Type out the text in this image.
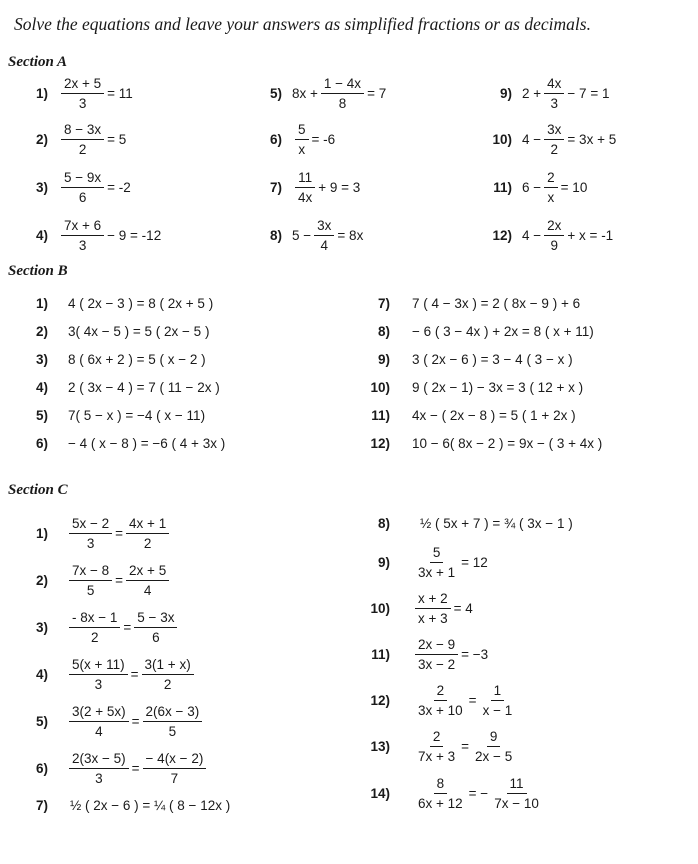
Solve the equations and leave your answers as simplified fractions or as decimals.
Section A
$1) \frac{2x + 5}{3} = 11$
$2) \frac{8 - 3x}{2} = 5$
$3) \frac{5 - 9x}{6} = -2$
$4) \frac{7x + 6}{3} - 9 = -12$
5) $8x + \frac{1 - 4x}{8} = 7$
$6) \frac{5}{x} = -6$
$7) \frac{11}{4x} + 9 = 3$
8) $5 - \frac{3x}{4} = 8x$
9) $2 + \frac{4x}{3} - 7 = 1$
10) $4 - \frac{3x}{2} = 3x + 5$
11) $6 - \frac{2}{x} = 10$
12) $4 - \frac{2x}{9} + x = -1$
Section B
1) 4 ( 2x − 3 ) = 8 ( 2x + 5 )
2) 3( 4x − 5 ) = 5 ( 2x − 5 )
3) 8 ( 6x + 2 ) = 5 ( x − 2 )
4) 2 ( 3x − 4 ) = 7 ( 11 − 2x )
5) 7( 5 − x ) = −4 ( x − 11)
6) − 4 ( x − 8 ) = −6 ( 4 + 3x )
7) 7 ( 4 − 3x ) = 2 ( 8x − 9 ) + 6
8) − 6 ( 3 − 4x ) + 2x = 8 ( x + 11)
9) 3 ( 2x − 6 ) = 3 − 4 ( 3 − x )
10) 9 ( 2x − 1) − 3x = 3 ( 12 + x )
11) 4x − ( 2x − 8 ) = 5 ( 1 + 2x )
12) 10 − 6( 8x − 2 ) = 9x − ( 3 + 4x )
Section C
$1) \frac{5x - 2}{3} = \frac{4x + 1}{2}$
$2) \frac{7x - 8}{5} = \frac{2x + 5}{4}$
$3) \frac{- 8x - 1}{2} = \frac{5 - 3x}{6}$
$4) \frac{5(x + 11)}{3} = \frac{3(1 + x)}{2}$
$5) \frac{3(2 + 5x)}{4} = \frac{2(6x - 3)}{5}$
$6) \frac{2(3x - 5)}{3} = \frac{- 4(x - 2)}{7}$
7) ½ ( 2x − 6 ) = ¼ ( 8 − 12x )
8) ½ ( 5x + 7 ) = ¾ ( 3x − 1 )
$9) \frac{5}{3x + 1} = 12$
$10) \frac{x + 2}{x + 3} = 4$
$11) \frac{2x - 9}{3x - 2} = -3$
$12) \frac{2}{3x + 10} = \frac{1}{x - 1}$
$13) \frac{2}{7x + 3} = \frac{9}{2x - 5}$
$14) \frac{8}{6x + 12}$ = − $\frac{11}{7x - 10}$
